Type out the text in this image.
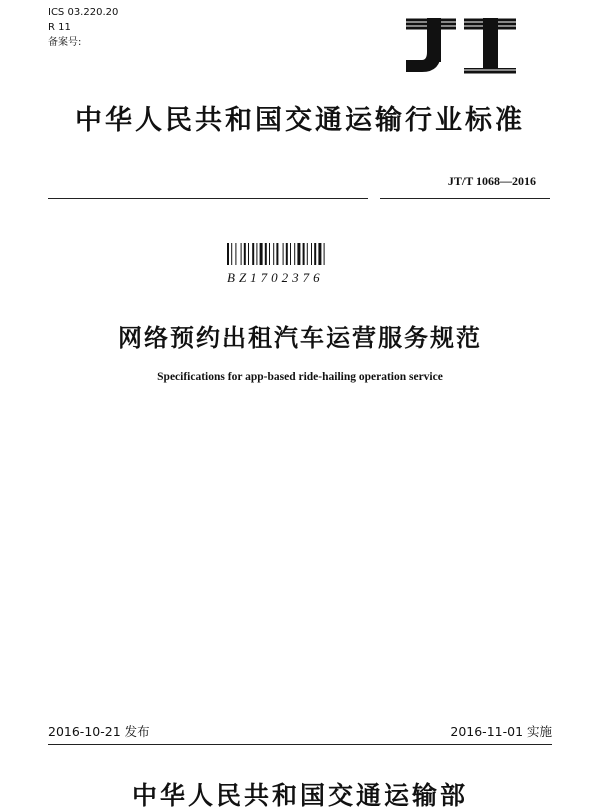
ICS 03.220.20
R 11
备案号:
中华人民共和国交通运输行业标准
JT/T 1068—2016
BZ1702376
网络预约出租汽车运营服务规范
Specifications for app-based ride-hailing operation service
2016-10-21 发布	2016-11-01 实施
中华人民共和国交通运输部
